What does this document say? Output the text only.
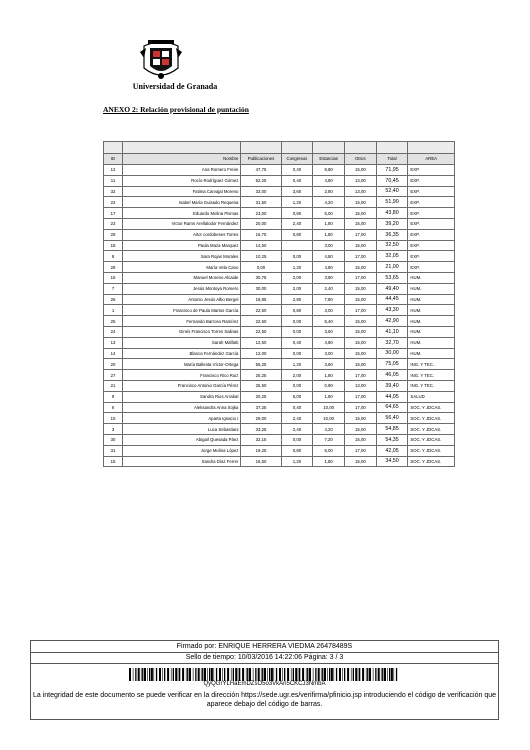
Universidad de Granada
ANEXO 2: Relación provisional de puntación

ID	Nombre	Publicaciones	Congresos	Estancias	Otros	Total	AREA
12	Ana Romero Freire	47,75	0,40	8,80	15,00	71,95	EXP.
11	Rocío Rodríguez Gómez	52,25	0,40	4,80	13,00	70,45	EXP.
32	Fatima Carvajal Moreno	33,00	3,60	2,80	13,00	52,40	EXP.
22	Isabel María Guisado Requena	31,50	1,20	4,20	15,00	51,90	EXP.
17	Eduardo Molina Pismas	23,00	0,80	5,00	15,00	43,80	EXP.
23	Victor Ramn Arellalodor Fernández	20,00	2,40	1,80	15,00	39,20	EXP.
29	Aitor cordobeses Torres	16,75	0,80	1,80	17,00	36,35	EXP.
18	Paula Maza Marquez	14,50		3,00	15,00	32,50	EXP.
8	Sara Rojas Morales	10,25	0,00	4,80	17,00	32,05	EXP.
28	María Vela Cano	0,00	1,20	4,80	15,00	21,00	EXP.
16	Manuel Moreno Alcaide	30,75	2,00	3,90	17,00	53,65	HUM.
7	Jesús Montoya Romero	30,00	2,00	2,40	15,00	49,40	HUM.
26	Antonio Jesús Albo Bergel	18,85	2,80	7,80	15,00	44,45	HUM.
1	Francisco de Paula Martos García	22,50	0,80	3,00	17,00	43,30	HUM.
25	Fernando Barroso Ramírez	22,50	0,00	5,40	15,00	42,90	HUM.
24	Ginés Francisco Torres Salinas	22,50	0,00	3,60	15,00	41,10	HUM.
13	Sarah Malfatti	12,50	0,40	4,80	15,00	32,70	HUM.
14	Blanca Fernández García	12,00	0,00	3,00	15,00	30,00	HUM.
20	María Ballesta Víctor-Ortega	55,25	1,20	3,60	15,00	75,05	ING. Y TEC.
27	Francisco Rico Ruiz	25,25	2,00	1,80	17,00	46,05	ING. Y TEC.
21	Francisco Antonio García Pérez	25,50	0,00	0,90	13,00	39,40	ING. Y TEC.
9	Sandra Rios Arrabal	20,25	5,00	1,80	17,00	44,05	SALUD
6	Aleksandra Anna Sojka	37,25	0,40	10,00	17,00	64,65	SOC. Y JDCAS.
10	Aparta Ignacio I	29,00	2,40	10,00	15,00	56,40	SOC. Y JDCAS.
3	Luca Sebastiani	33,25	2,40	4,20	15,00	54,85	SOC. Y JDCAS.
30	Abigail Quesada Páez	32,15	0,00	7,20	15,00	54,35	SOC. Y JDCAS.
31	Jorge Molina López	19,25	0,80	5,00	17,00	42,05	SOC. Y JDCAS.
15	Sandra Díaz Ferrer	16,50	1,20	1,80	15,00	34,50	SOC. Y JDCAS.
Firmado por: ENRIQUE HERRERA VIEDMA 26478489S
Sello de tiempo: 10/03/2016 14:22:06 Página: 3 / 3
QyQGrYLHaEmDZsO5o3VkAn5CKCJ3NmbA
La integridad de este documento se puede verificar en la dirección https://sede.ugr.es/verifirma/pfinicio.jsp introduciendo el código de verificación que aparece debajo del código de barras.
